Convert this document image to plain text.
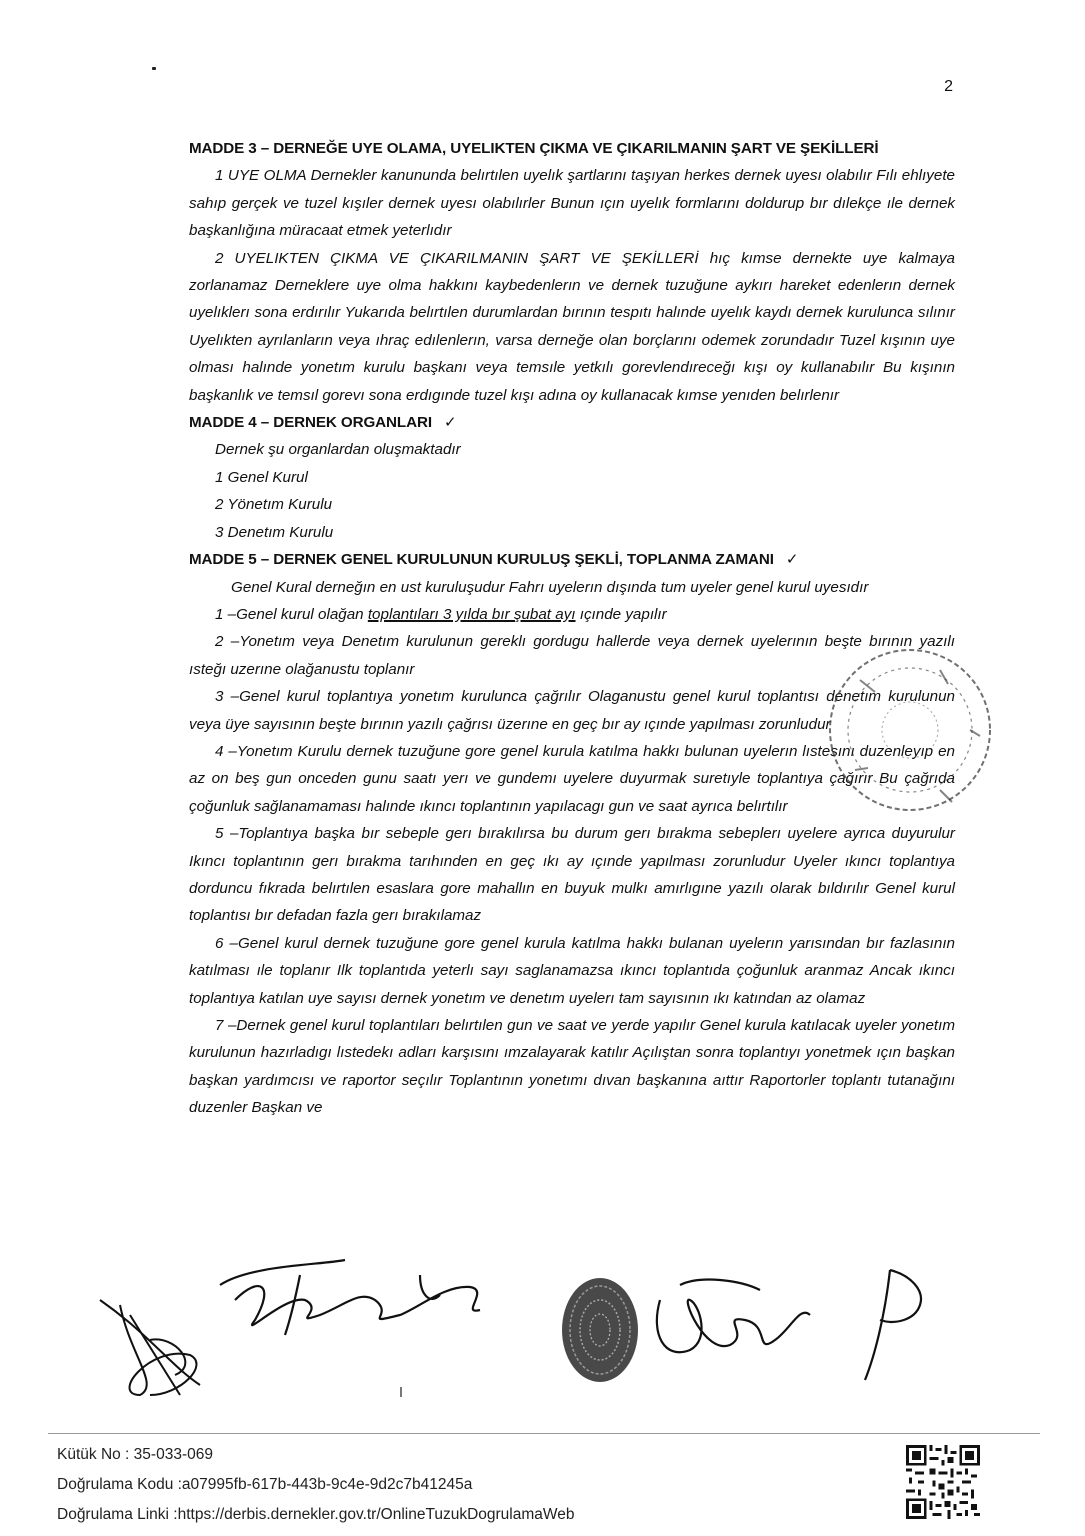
2

MADDE 3 – DERNEĞE UYE OLAMA, UYELIKTEN ÇIKMA VE ÇIKARILMANIN ŞART VE ŞEKİLLERİ

1 UYE OLMA Dernekler kanununda belırtılen uyelık şartlarını taşıyan herkes dernek uyesı olabılır Fılı ehlıyete sahıp gerçek ve tuzel kışıler dernek uyesı olabılırler Bunun ıçın uyelık formlarını doldurup bır dılekçe ıle dernek başkanlığına müracaat etmek yeterlıdır

2 UYELIKTEN ÇIKMA VE ÇIKARILMANIN ŞART VE ŞEKİLLERİ hıç kımse dernekte uye kalmaya zorlanamaz Derneklere uye olma hakkını kaybedenlerın ve dernek tuzuğune aykırı hareket edenlerın dernek uyelıklerı sona erdırılır Yukarıda belırtılen durumlardan bırının tespıtı halınde uyelık kaydı dernek kurulunca sılınır Uyelıkten ayrılanların veya ıhraç edılenlerın, varsa derneğe olan borçlarını odemek zorundadır Tuzel kışının uye olması halınde yonetım kurulu başkanı veya temsıle yetkılı gorevlendıreceğı kışı oy kullanabılır Bu kışının başkanlık ve temsıl gorevı sona erdıgınde tuzel kışı adına oy kullanacak kımse yenıden belırlenır

MADDE 4 – DERNEK ORGANLARI ✓

Dernek şu organlardan oluşmaktadır

1 Genel Kurul

2 Yönetım Kurulu

3 Denetım Kurulu

MADDE 5 – DERNEK GENEL KURULUNUN KURULUŞ ŞEKLİ, TOPLANMA ZAMANI ✓

Genel Kural derneğın en ust kuruluşudur Fahrı uyelerın dışında tum uyeler genel kurul uyesıdır

1 –Genel kurul olağan toplantıları 3 yılda bır şubat ayı ıçınde yapılır

2 –Yonetım veya Denetım kurulunun gereklı gordugu hallerde veya dernek uyelerının beşte bırının yazılı ısteğı uzerıne olağanustu toplanır

3 –Genel kurul toplantıya yonetım kurulunca çağrılır Olaganustu genel kurul toplantısı denetım kurulunun veya üye sayısının beşte bırının yazılı çağrısı üzerıne en geç bır ay ıçınde yapılması zorunludur

4 –Yonetım Kurulu dernek tuzuğune gore genel kurula katılma hakkı bulunan uyelerın lıstesını duzenleyıp en az on beş gun onceden gunu saatı yerı ve gundemı uyelere duyurmak suretıyle toplantıya çağırır Bu çağrıda çoğunluk sağlanamaması halınde ıkıncı toplantının yapılacagı gun ve saat ayrıca belırtılır

5 –Toplantıya başka bır sebeple gerı bırakılırsa bu durum gerı bırakma sebeplerı uyelere ayrıca duyurulur Ikıncı toplantının gerı bırakma tarıhınden en geç ıkı ay ıçınde yapılması zorunludur Uyeler ıkıncı toplantıya dorduncu fıkrada belırtılen esaslara gore mahallın en buyuk mulkı amırlıgıne yazılı olarak bıldırılır Genel kurul toplantısı bır defadan fazla gerı bırakılamaz

6 –Genel kurul dernek tuzuğune gore genel kurula katılma hakkı bulanan uyelerın yarısından bır fazlasının katılması ıle toplanır Ilk toplantıda yeterlı sayı saglanamazsa ıkıncı toplantıda çoğunluk aranmaz Ancak ıkıncı toplantıya katılan uye sayısı dernek yonetım ve denetım uyelerı tam sayısının ıkı katından az olamaz

7 –Dernek genel kurul toplantıları belırtılen gun ve saat ve yerde yapılır Genel kurula katılacak uyeler yonetım kurulunun hazırladıgı lıstedekı adları karşısını ımzalayarak katılır Açılıştan sonra toplantıyı yonetmek ıçın başkan başkan yardımcısı ve raportor seçılır Toplantının yonetımı dıvan başkanına aıttır Raportorler toplantı tutanağını duzenler Başkan ve

Kütük No : 35-033-069

Doğrulama Kodu :a07995fb-617b-443b-9c4e-9d2c7b41245a

Doğrulama Linki :https://derbis.dernekler.gov.tr/OnlineTuzukDogrulamaWeb
